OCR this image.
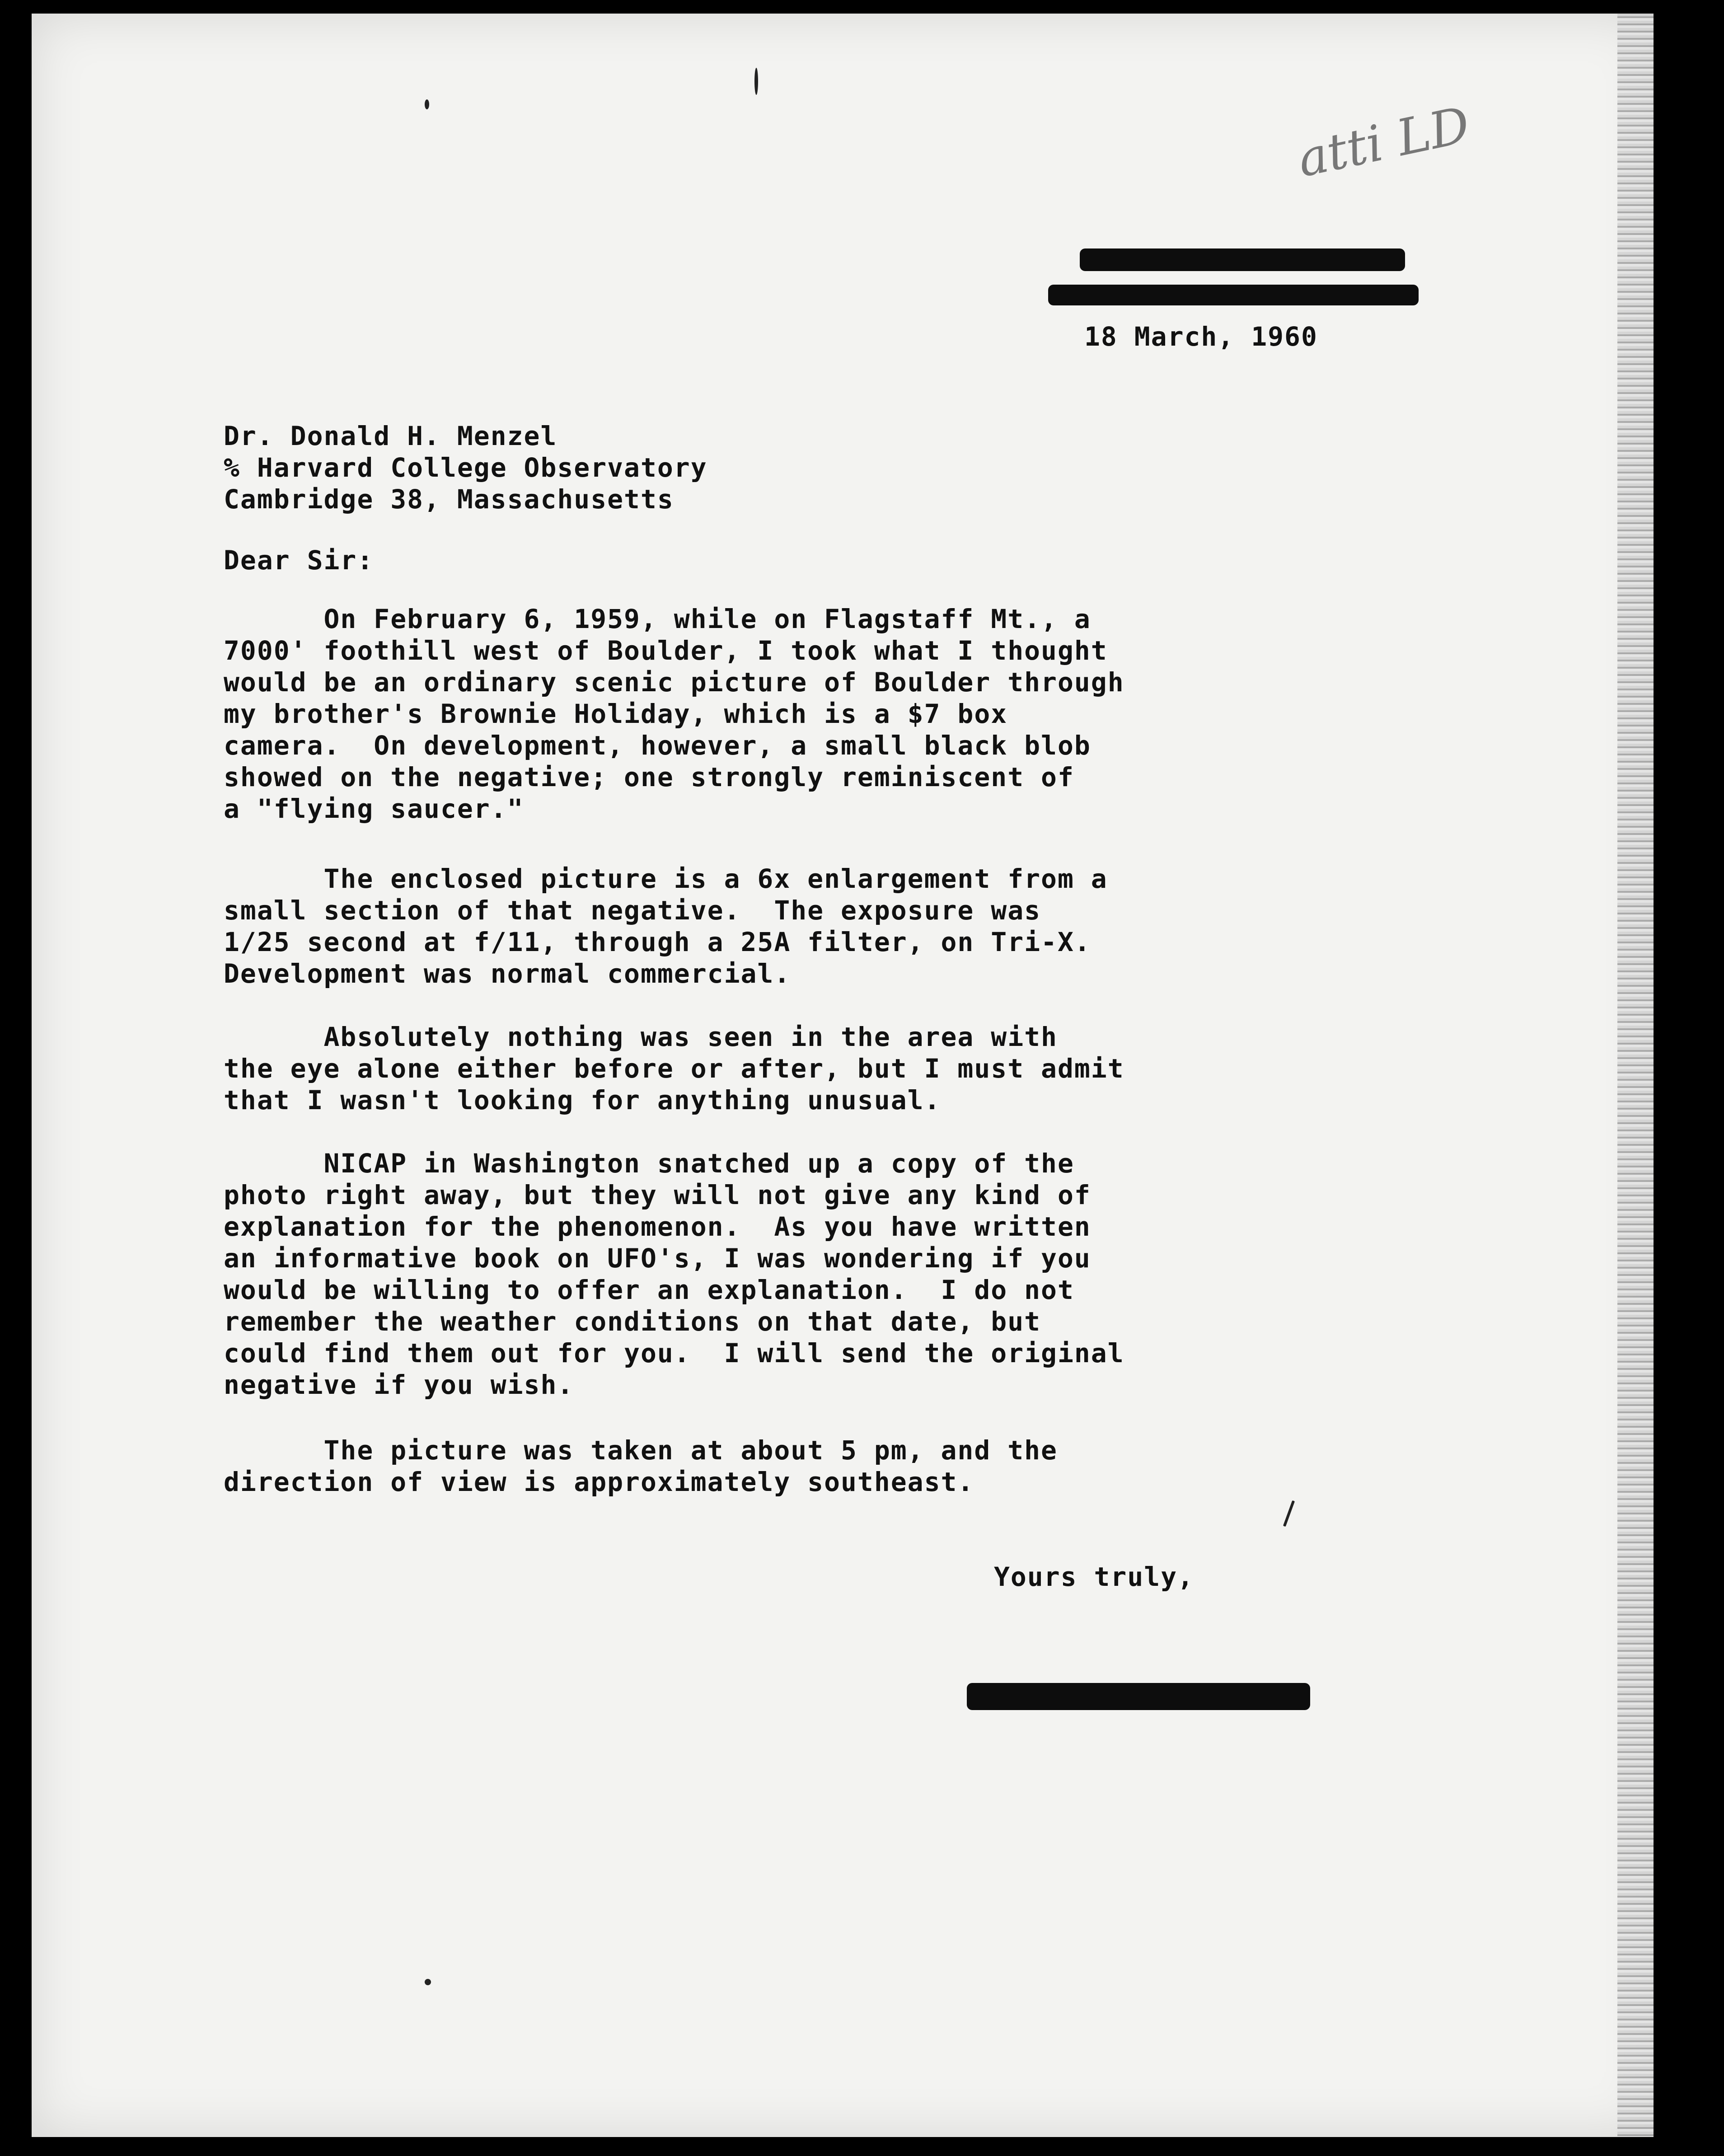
atti LD
18 March, 1960
Dr. Donald H. Menzel
% Harvard College Observatory
Cambridge 38, Massachusetts
Dear Sir:
On February 6, 1959, while on Flagstaff Mt., a
7000' foothill west of Boulder, I took what I thought
would be an ordinary scenic picture of Boulder through
my brother's Brownie Holiday, which is a $7 box
camera.  On development, however, a small black blob
showed on the negative; one strongly reminiscent of
a "flying saucer."
The enclosed picture is a 6x enlargement from a
small section of that negative.  The exposure was
1/25 second at f/11, through a 25A filter, on Tri-X.
Development was normal commercial.
Absolutely nothing was seen in the area with
the eye alone either before or after, but I must admit
that I wasn't looking for anything unusual.
NICAP in Washington snatched up a copy of the
photo right away, but they will not give any kind of
explanation for the phenomenon.  As you have written
an informative book on UFO's, I was wondering if you
would be willing to offer an explanation.  I do not
remember the weather conditions on that date, but
could find them out for you.  I will send the original
negative if you wish.
The picture was taken at about 5 pm, and the
direction of view is approximately southeast.
Yours truly,
